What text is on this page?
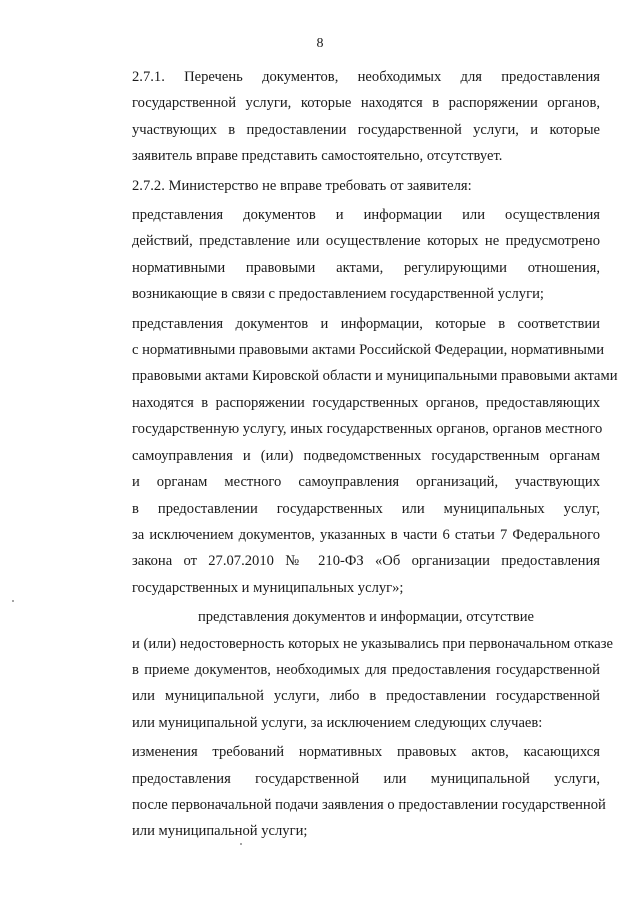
8

2.7.1. Перечень документов, необходимых для предоставления
государственной услуги, которые находятся в распоряжении органов,
участвующих в предоставлении государственной услуги, и которые
заявитель вправе представить самостоятельно, отсутствует.

2.7.2. Министерство не вправе требовать от заявителя:

представления документов и информации или осуществления
действий, представление или осуществление которых не предусмотрено
нормативными правовыми актами, регулирующими отношения,
возникающие в связи с предоставлением государственной услуги;

представления документов и информации, которые в соответствии
с нормативными правовыми актами Российской Федерации, нормативными
правовыми актами Кировской области и муниципальными правовыми актами
находятся в распоряжении государственных органов, предоставляющих
государственную услугу, иных государственных органов, органов местного
самоуправления и (или) подведомственных государственным органам
и органам местного самоуправления организаций, участвующих
в предоставлении государственных или муниципальных услуг,
за исключением документов, указанных в части 6 статьи 7 Федерального
закона от 27.07.2010 № 210-ФЗ «Об организации предоставления
государственных и муниципальных услуг»;

представления документов и информации, отсутствие
и (или) недостоверность которых не указывались при первоначальном отказе
в приеме документов, необходимых для предоставления государственной
или муниципальной услуги, либо в предоставлении государственной
или муниципальной услуги, за исключением следующих случаев:

изменения требований нормативных правовых актов, касающихся
предоставления государственной или муниципальной услуги,
после первоначальной подачи заявления о предоставлении государственной
или муниципальной услуги;
